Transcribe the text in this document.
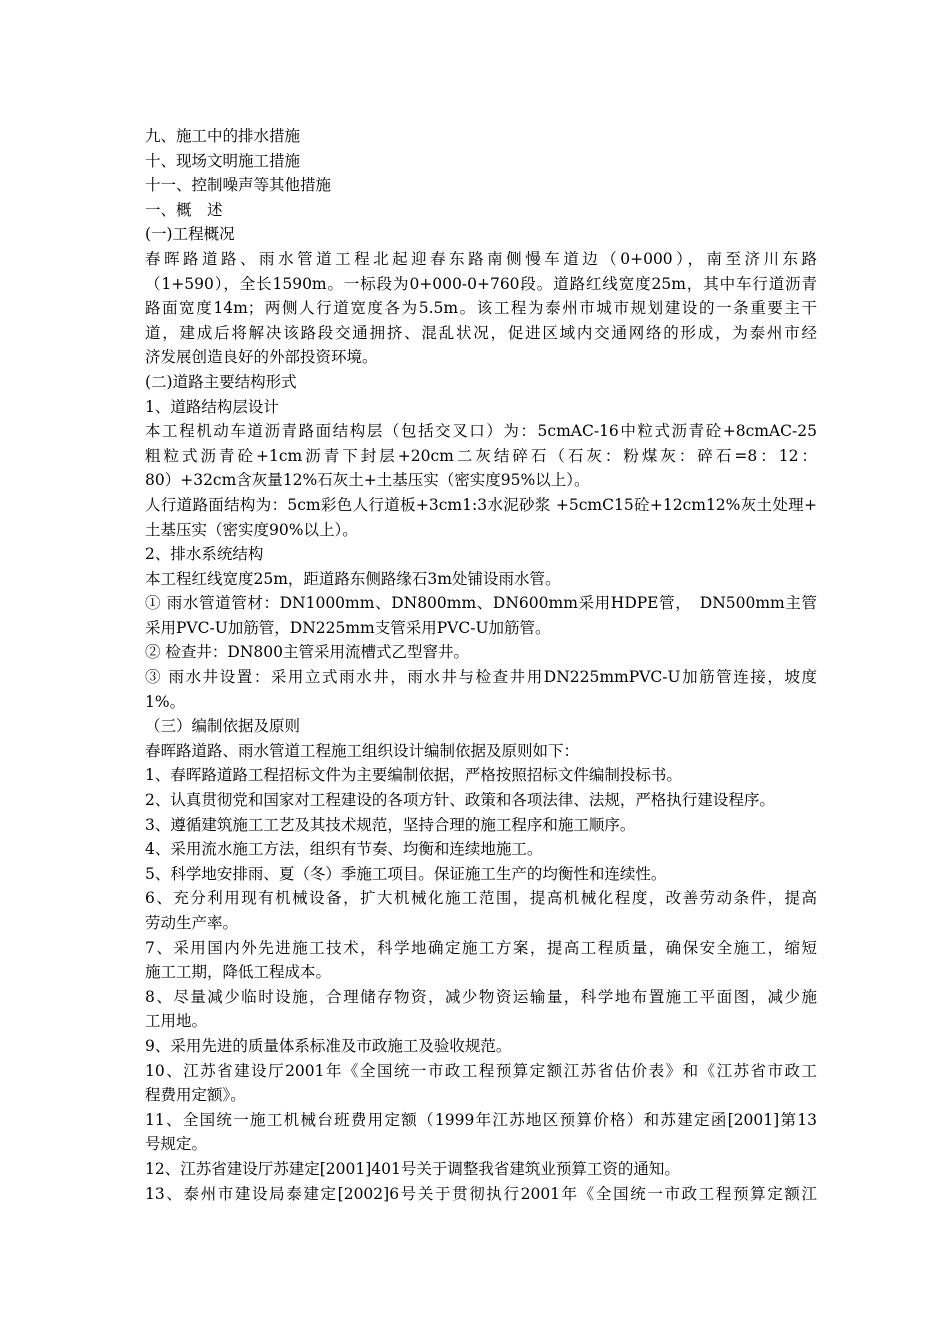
九、施工中的排水措施
十、现场文明施工措施
十一、控制噪声等其他措施
一、概　述
(一)工程概况
春晖路道路、雨水管道工程北起迎春东路南侧慢车道边（0+000），南至济川东路
（1+590），全长1590m。一标段为0+000-0+760段。道路红线宽度25m，其中车行道沥青
路面宽度14m；两侧人行道宽度各为5.5m。该工程为泰州市城市规划建设的一条重要主干
道，建成后将解决该路段交通拥挤、混乱状况，促进区域内交通网络的形成，为泰州市经
济发展创造良好的外部投资环境。
(二)道路主要结构形式
1、道路结构层设计
本工程机动车道沥青路面结构层（包括交叉口）为：5cmAC-16中粒式沥青砼+8cmAC-25
粗粒式沥青砼+1cm沥青下封层+20cm二灰结碎石（石灰：粉煤灰：碎石=8：12：
80）+32cm含灰量12%石灰土+土基压实（密实度95%以上）。
人行道路面结构为：5cm彩色人行道板+3cm1:3水泥砂浆 +5cmC15砼+12cm12%灰土处理+
土基压实（密实度90%以上）。
2、排水系统结构
本工程红线宽度25m，距道路东侧路缘石3m处铺设雨水管。
① 雨水管道管材：DN1000mm、DN800mm、DN600mm采用HDPE管，　DN500mm主管
采用PVC-U加筋管，DN225mm支管采用PVC-U加筋管。
② 检查井：DN800主管采用流槽式乙型窨井。
③ 雨水井设置：采用立式雨水井，雨水井与检查井用DN225mmPVC-U加筋管连接，坡度
1%。
（三）编制依据及原则
春晖路道路、雨水管道工程施工组织设计编制依据及原则如下：
1、春晖路道路工程招标文件为主要编制依据，严格按照招标文件编制投标书。
2、认真贯彻党和国家对工程建设的各项方针、政策和各项法律、法规，严格执行建设程序。
3、遵循建筑施工工艺及其技术规范，坚持合理的施工程序和施工顺序。
4、采用流水施工方法，组织有节奏、均衡和连续地施工。
5、科学地安排雨、夏（冬）季施工项目。保证施工生产的均衡性和连续性。
6、充分利用现有机械设备，扩大机械化施工范围，提高机械化程度，改善劳动条件，提高
劳动生产率。
7、采用国内外先进施工技术，科学地确定施工方案，提高工程质量，确保安全施工，缩短
施工工期，降低工程成本。
8、尽量减少临时设施，合理储存物资，减少物资运输量，科学地布置施工平面图，减少施
工用地。
9、采用先进的质量体系标准及市政施工及验收规范。
10、江苏省建设厅2001年《全国统一市政工程预算定额江苏省估价表》和《江苏省市政工
程费用定额》。
11、全国统一施工机械台班费用定额（1999年江苏地区预算价格）和苏建定函[2001]第13
号规定。
12、江苏省建设厅苏建定[2001]401号关于调整我省建筑业预算工资的通知。
13、泰州市建设局泰建定[2002]6号关于贯彻执行2001年《全国统一市政工程预算定额江
